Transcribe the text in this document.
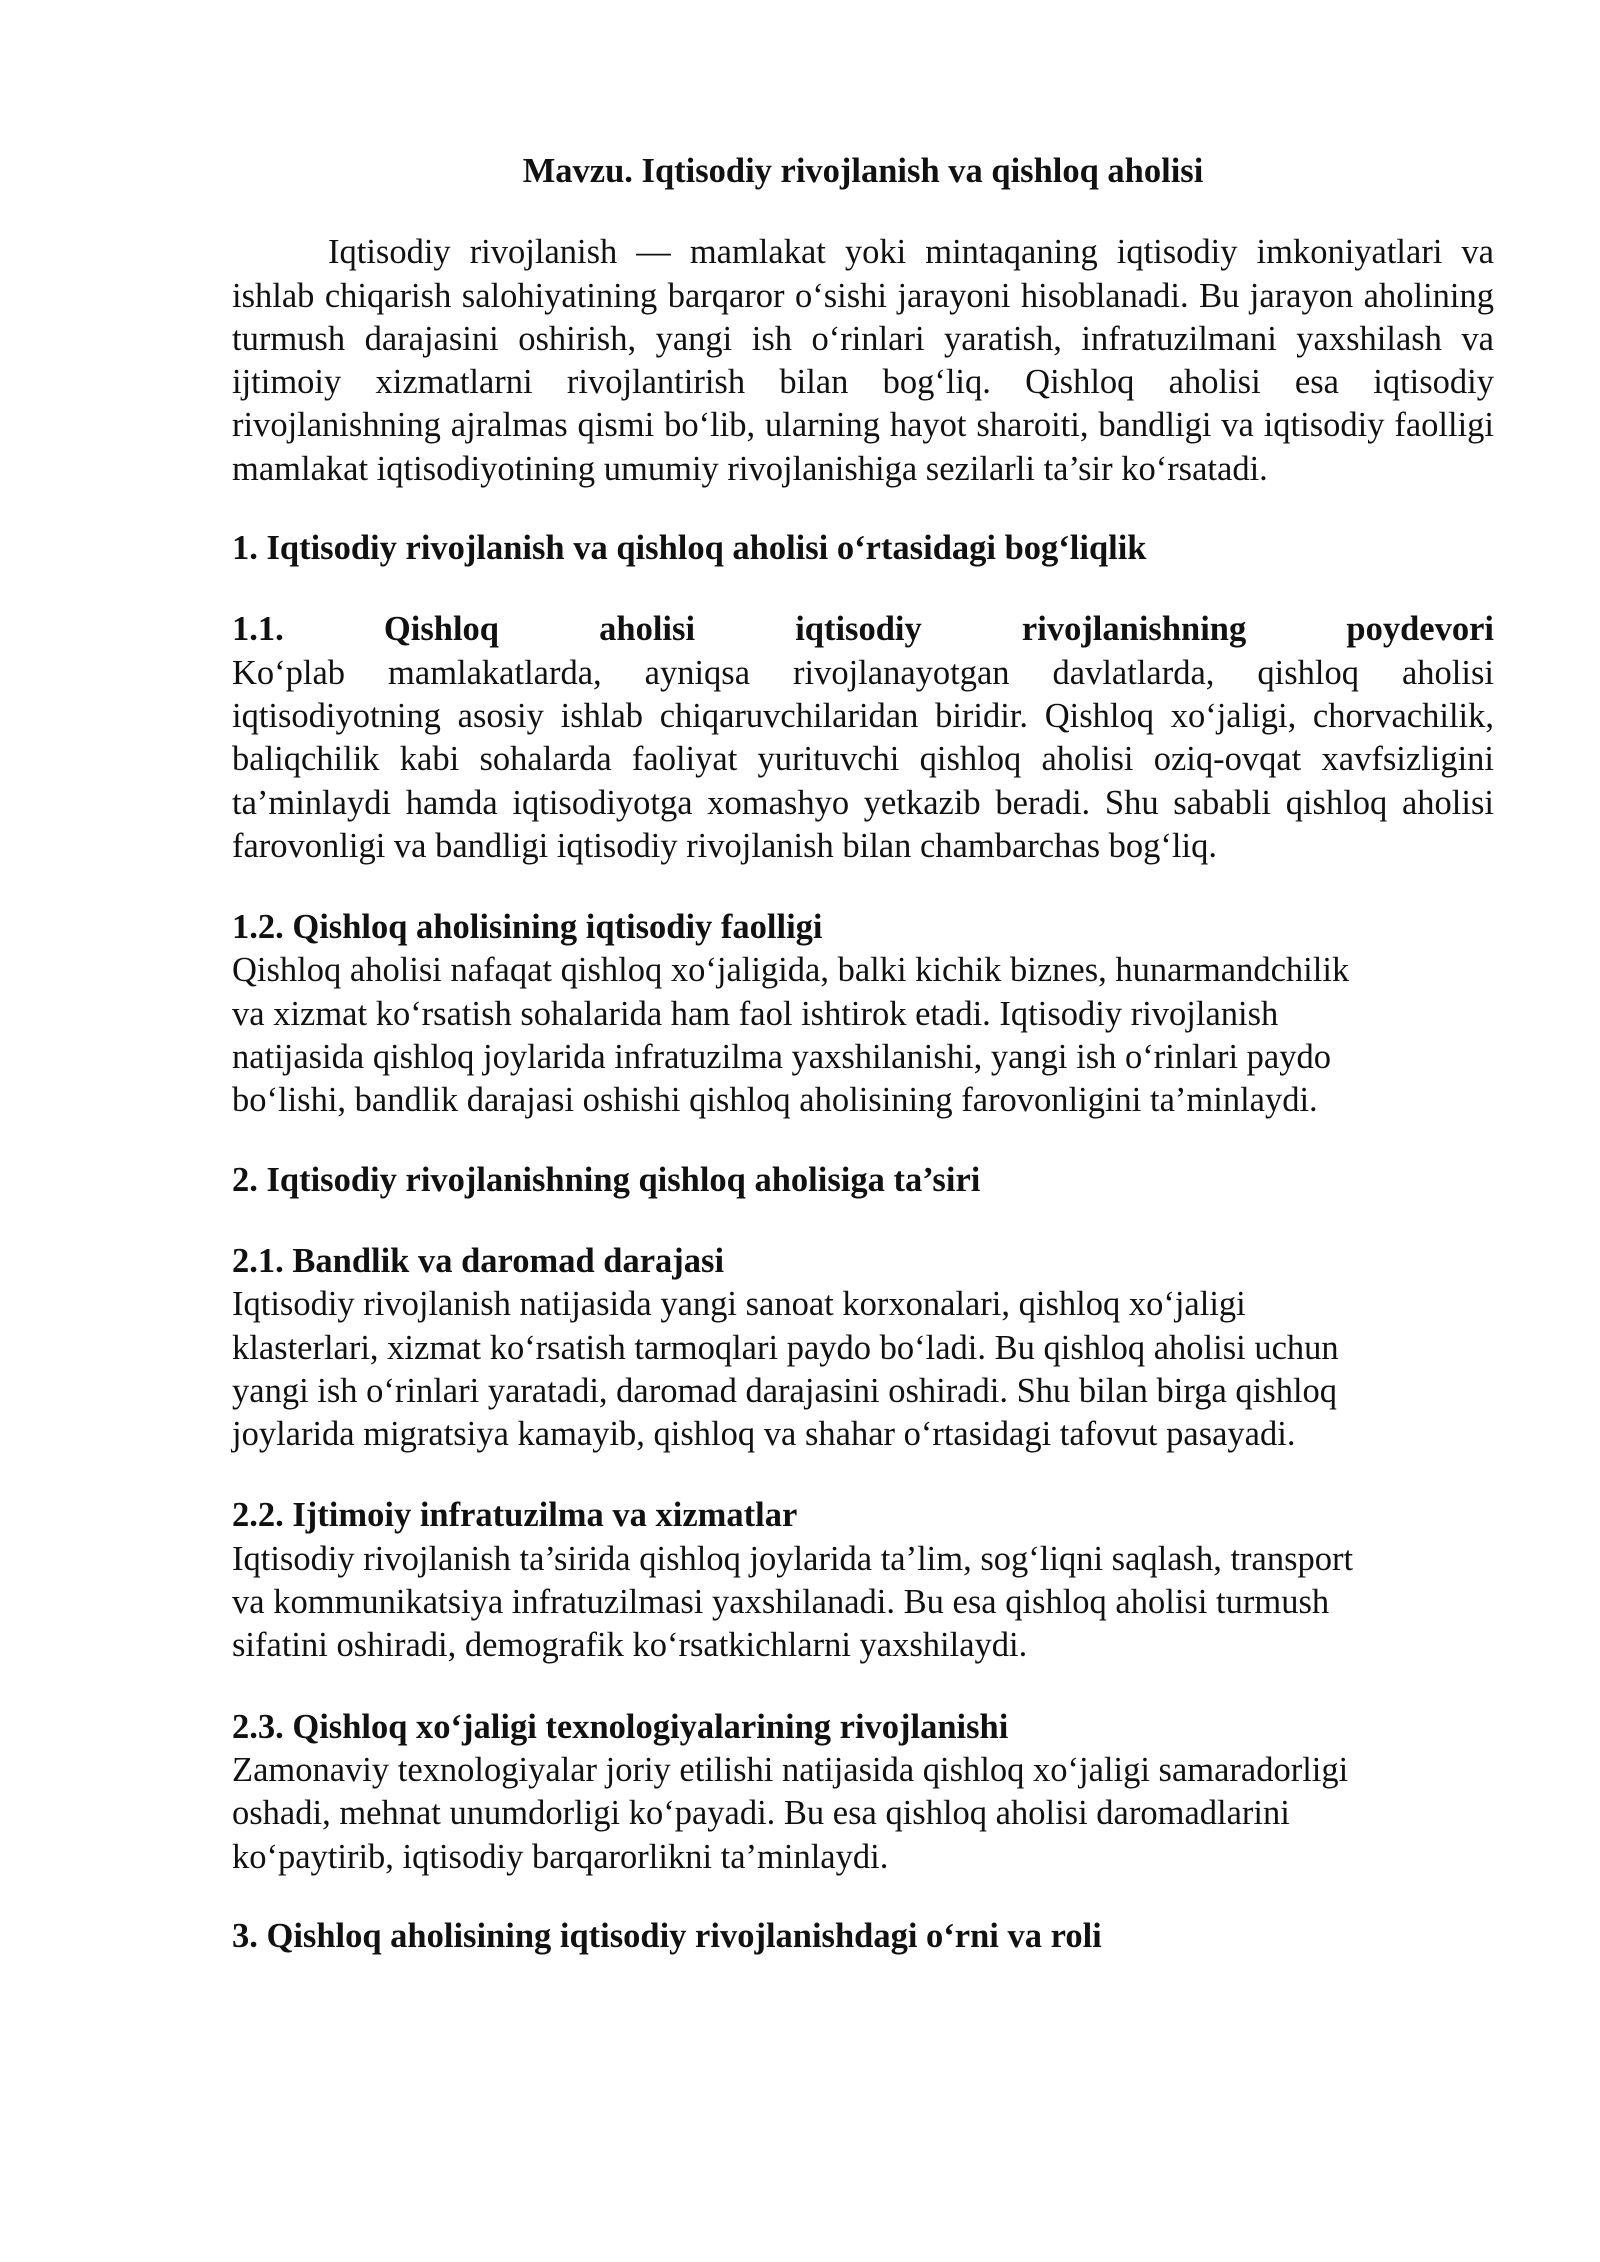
Mavzu. Iqtisodiy rivojlanish va qishloq aholisi

Iqtisodiy rivojlanish — mamlakat yoki mintaqaning iqtisodiy imkoniyatlari va ishlab chiqarish salohiyatining barqaror o‘sishi jarayoni hisoblanadi. Bu jarayon aholining turmush darajasini oshirish, yangi ish o‘rinlari yaratish, infratuzilmani yaxshilash va ijtimoiy xizmatlarni rivojlantirish bilan bog‘liq. Qishloq aholisi esa iqtisodiy rivojlanishning ajralmas qismi bo‘lib, ularning hayot sharoiti, bandligi va iqtisodiy faolligi mamlakat iqtisodiyotining umumiy rivojlanishiga sezilarli ta’sir ko‘rsatadi.

1. Iqtisodiy rivojlanish va qishloq aholisi o‘rtasidagi bog‘liqlik

1.1. Qishloq aholisi iqtisodiy rivojlanishning poydevori

Ko‘plab mamlakatlarda, ayniqsa rivojlanayotgan davlatlarda, qishloq aholisi iqtisodiyotning asosiy ishlab chiqaruvchilaridan biridir. Qishloq xo‘jaligi, chorvachilik, baliqchilik kabi sohalarda faoliyat yurituvchi qishloq aholisi oziq-ovqat xavfsizligini ta’minlaydi hamda iqtisodiyotga xomashyo yetkazib beradi. Shu sababli qishloq aholisi farovonligi va bandligi iqtisodiy rivojlanish bilan chambarchas bog‘liq.

1.2. Qishloq aholisining iqtisodiy faolligi

Qishloq aholisi nafaqat qishloq xo‘jaligida, balki kichik biznes, hunarmandchilik
va xizmat ko‘rsatish sohalarida ham faol ishtirok etadi. Iqtisodiy rivojlanish
natijasida qishloq joylarida infratuzilma yaxshilanishi, yangi ish o‘rinlari paydo
bo‘lishi, bandlik darajasi oshishi qishloq aholisining farovonligini ta’minlaydi.

2. Iqtisodiy rivojlanishning qishloq aholisiga ta’siri

2.1. Bandlik va daromad darajasi

Iqtisodiy rivojlanish natijasida yangi sanoat korxonalari, qishloq xo‘jaligi
klasterlari, xizmat ko‘rsatish tarmoqlari paydo bo‘ladi. Bu qishloq aholisi uchun
yangi ish o‘rinlari yaratadi, daromad darajasini oshiradi. Shu bilan birga qishloq
joylarida migratsiya kamayib, qishloq va shahar o‘rtasidagi tafovut pasayadi.

2.2. Ijtimoiy infratuzilma va xizmatlar

Iqtisodiy rivojlanish ta’sirida qishloq joylarida ta’lim, sog‘liqni saqlash, transport
va kommunikatsiya infratuzilmasi yaxshilanadi. Bu esa qishloq aholisi turmush
sifatini oshiradi, demografik ko‘rsatkichlarni yaxshilaydi.

2.3. Qishloq xo‘jaligi texnologiyalarining rivojlanishi

Zamonaviy texnologiyalar joriy etilishi natijasida qishloq xo‘jaligi samaradorligi
oshadi, mehnat unumdorligi ko‘payadi. Bu esa qishloq aholisi daromadlarini
ko‘paytirib, iqtisodiy barqarorlikni ta’minlaydi.

3. Qishloq aholisining iqtisodiy rivojlanishdagi o‘rni va roli
